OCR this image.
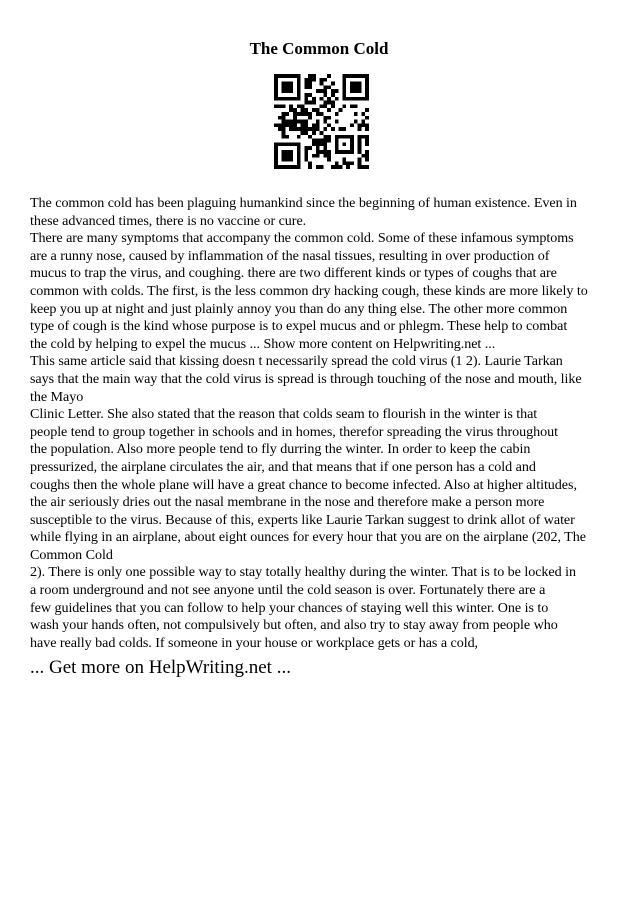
The Common Cold

The common cold has been plaguing humankind since the beginning of human existence. Even in

these advanced times, there is no vaccine or cure.

There are many symptoms that accompany the common cold. Some of these infamous symptoms

are a runny nose, caused by inflammation of the nasal tissues, resulting in over production of

mucus to trap the virus, and coughing. there are two different kinds or types of coughs that are

common with colds. The first, is the less common dry hacking cough, these kinds are more likely to

keep you up at night and just plainly annoy you than do any thing else. The other more common

type of cough is the kind whose purpose is to expel mucus and or phlegm. These help to combat

the cold by helping to expel the mucus ... Show more content on Helpwriting.net ...

This same article said that kissing doesn t necessarily spread the cold virus (1 2). Laurie Tarkan

says that the main way that the cold virus is spread is through touching of the nose and mouth, like

the Mayo

Clinic Letter. She also stated that the reason that colds seam to flourish in the winter is that

people tend to group together in schools and in homes, therefor spreading the virus throughout

the population. Also more people tend to fly durring the winter. In order to keep the cabin

pressurized, the airplane circulates the air, and that means that if one person has a cold and

coughs then the whole plane will have a great chance to become infected. Also at higher altitudes,

the air seriously dries out the nasal membrane in the nose and therefore make a person more

susceptible to the virus. Because of this, experts like Laurie Tarkan suggest to drink allot of water

while flying in an airplane, about eight ounces for every hour that you are on the airplane (202, The

Common Cold

2). There is only one possible way to stay totally healthy during the winter. That is to be locked in

a room underground and not see anyone until the cold season is over. Fortunately there are a

few guidelines that you can follow to help your chances of staying well this winter. One is to

wash your hands often, not compulsively but often, and also try to stay away from people who

have really bad colds. If someone in your house or workplace gets or has a cold,

... Get more on HelpWriting.net ...
